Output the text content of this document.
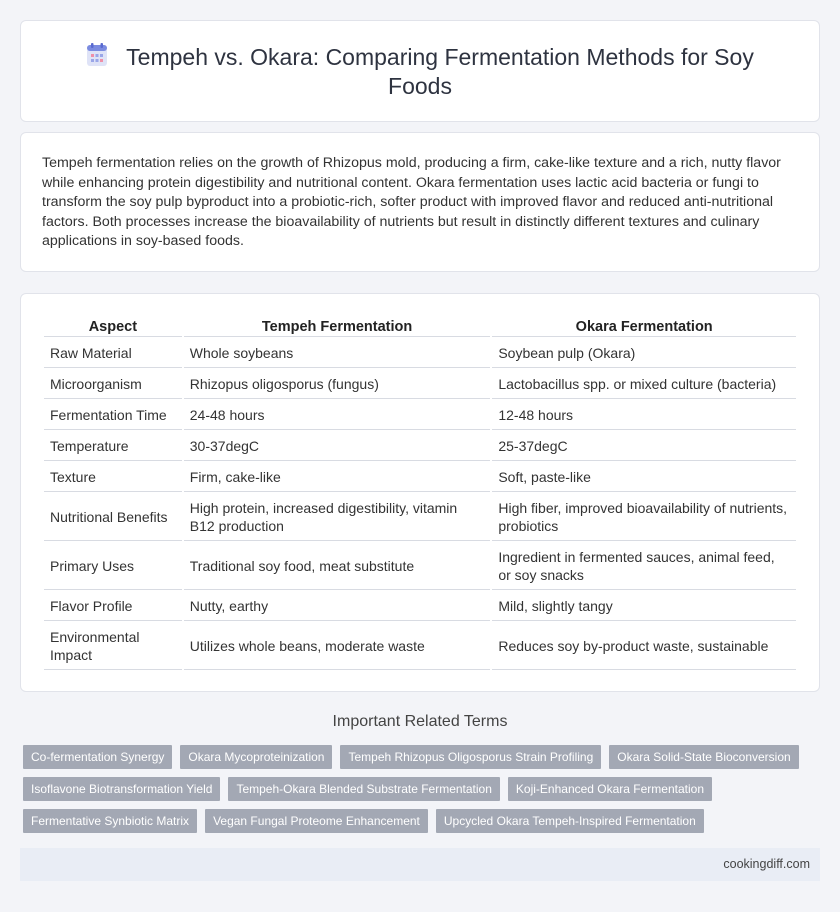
Tempeh vs. Okara: Comparing Fermentation Methods for Soy Foods

Tempeh fermentation relies on the growth of Rhizopus mold, producing a firm, cake-like texture and a rich, nutty flavor while enhancing protein digestibility and nutritional content. Okara fermentation uses lactic acid bacteria or fungi to transform the soy pulp byproduct into a probiotic-rich, softer product with improved flavor and reduced anti-nutritional factors. Both processes increase the bioavailability of nutrients but result in distinctly different textures and culinary applications in soy-based foods.

Aspect	Tempeh Fermentation	Okara Fermentation
Raw Material	Whole soybeans	Soybean pulp (Okara)
Microorganism	Rhizopus oligosporus (fungus)	Lactobacillus spp. or mixed culture (bacteria)
Fermentation Time	24-48 hours	12-48 hours
Temperature	30-37degC	25-37degC
Texture	Firm, cake-like	Soft, paste-like
Nutritional Benefits	High protein, increased digestibility, vitamin B12 production	High fiber, improved bioavailability of nutrients, probiotics
Primary Uses	Traditional soy food, meat substitute	Ingredient in fermented sauces, animal feed, or soy snacks
Flavor Profile	Nutty, earthy	Mild, slightly tangy
Environmental Impact	Utilizes whole beans, moderate waste	Reduces soy by-product waste, sustainable
Important Related Terms
Co-fermentation Synergy	Okara Mycoproteinization	Tempeh Rhizopus Oligosporus Strain Profiling	Okara Solid-State Bioconversion
Isoflavone Biotransformation Yield	Tempeh-Okara Blended Substrate Fermentation	Koji-Enhanced Okara Fermentation
Fermentative Synbiotic Matrix	Vegan Fungal Proteome Enhancement	Upcycled Okara Tempeh-Inspired Fermentation
cookingdiff.com
